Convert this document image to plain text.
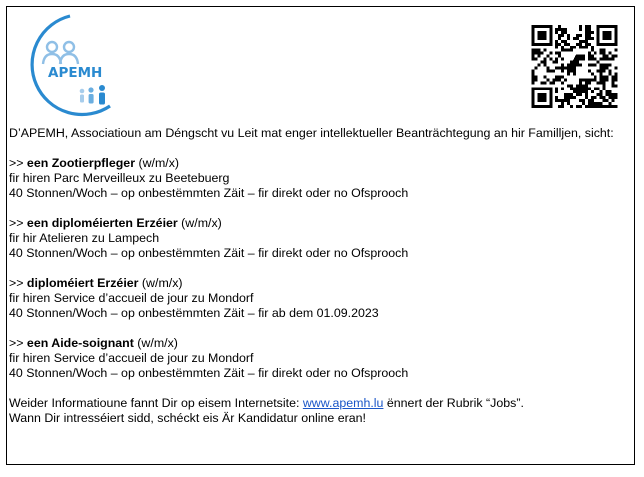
APEMH

D’APEMH, Associatioun am Déngscht vu Leit mat enger intellektueller Beanträchtegung an hir Familljen, sicht:

>> een Zootierpfleger (w/m/x)
fir hiren Parc Merveilleux zu Beetebuerg
40 Stonnen/Woch – op onbestëmmten Zäit – fir direkt oder no Ofsprooch

>> een diploméierten Erzéier (w/m/x)
fir hir Atelieren zu Lampech
40 Stonnen/Woch – op onbestëmmten Zäit – fir direkt oder no Ofsprooch

>> diploméiert Erzéier (w/m/x)
fir hiren Service d’accueil de jour zu Mondorf
40 Stonnen/Woch – op onbestëmmten Zäit – fir ab dem 01.09.2023

>> een Aide-soignant (w/m/x)
fir hiren Service d’accueil de jour zu Mondorf
40 Stonnen/Woch – op onbestëmmten Zäit – fir direkt oder no Ofsprooch

Weider Informatioune fannt Dir op eisem Internetsite: www.apemh.lu ënnert der Rubrik “Jobs”.
Wann Dir intresséiert sidd, schéckt eis Är Kandidatur online eran!
